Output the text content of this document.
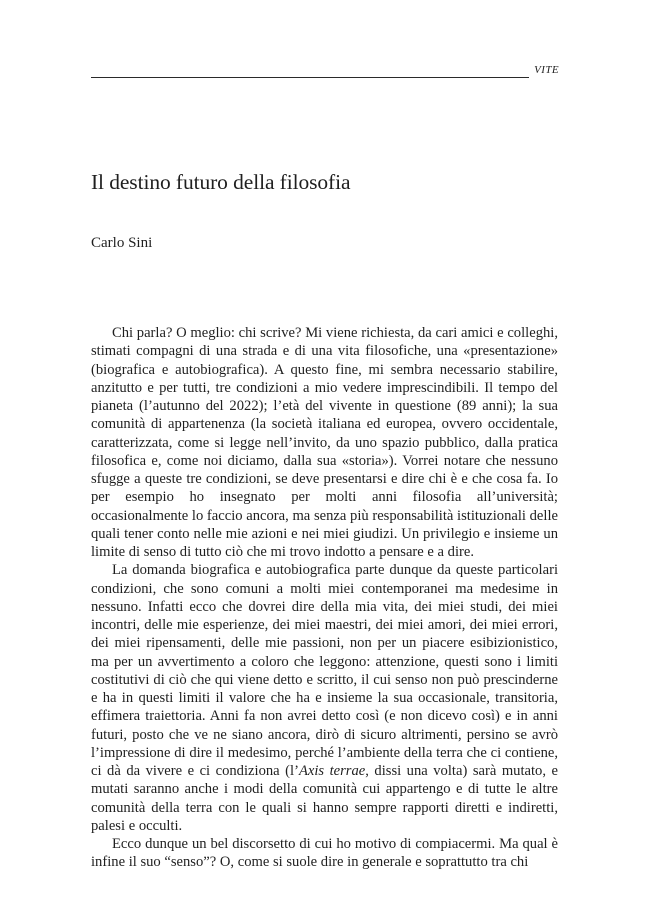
VITE
Il destino futuro della filosofia
Carlo Sini

Chi parla? O meglio: chi scrive? Mi viene richiesta, da cari amici e colleghi, stimati compagni di una strada e di una vita filosofiche, una «presentazione» (biografica e autobiografica). A questo fine, mi sembra necessario stabilire, anzitutto e per tutti, tre condizioni a mio vedere imprescindibili. Il tempo del pianeta (l’autunno del 2022); l’età del vivente in questione (89 anni); la sua comunità di appartenenza (la società italiana ed europea, ovvero occidentale, caratterizzata, come si legge nell’invito, da uno spazio pubblico, dalla pratica filosofica e, come noi diciamo, dalla sua «storia»). Vorrei notare che nessuno sfugge a queste tre condizioni, se deve presentarsi e dire chi è e che cosa fa. Io per esempio ho insegnato per molti anni filosofia all’università; occasionalmente lo faccio ancora, ma senza più responsabilità istituzionali delle quali tener conto nelle mie azioni e nei miei giudizi. Un privilegio e insieme un limite di senso di tutto ciò che mi trovo indotto a pensare e a dire.

La domanda biografica e autobiografica parte dunque da queste particolari condizioni, che sono comuni a molti miei contemporanei ma medesime in nessuno. Infatti ecco che dovrei dire della mia vita, dei miei studi, dei miei incontri, delle mie esperienze, dei miei maestri, dei miei amori, dei miei errori, dei miei ripensamenti, delle mie passioni, non per un piacere esibizionistico, ma per un avvertimento a coloro che leggono: attenzione, questi sono i limiti costitutivi di ciò che qui viene detto e scritto, il cui senso non può prescinderne e ha in questi limiti il valore che ha e insieme la sua occasionale, transitoria, effimera traiettoria. Anni fa non avrei detto così (e non dicevo così) e in anni futuri, posto che ve ne siano ancora, dirò di sicuro altrimenti, persino se avrò l’impressione di dire il medesimo, perché l’ambiente della terra che ci contiene, ci dà da vivere e ci condiziona (l’Axis terrae, dissi una volta) sarà mutato, e mutati saranno anche i modi della comunità cui appartengo e di tutte le altre comunità della terra con le quali si hanno sempre rapporti diretti e indiretti, palesi e occulti.

Ecco dunque un bel discorsetto di cui ho motivo di compiacermi. Ma qual è infine il suo “senso”? O, come si suole dire in generale e soprattutto tra chi
